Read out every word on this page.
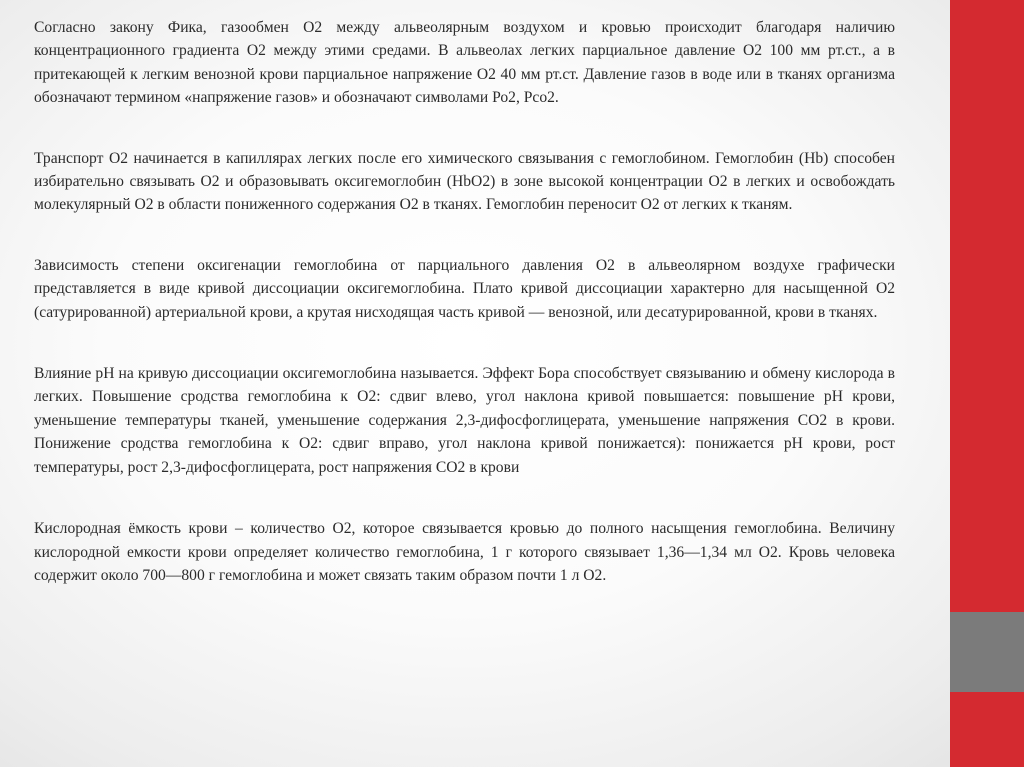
Согласно закону Фика, газообмен О2 между альвеолярным воздухом и кровью происходит благодаря наличию концентрационного градиента О2 между этими средами. В альвеолах легких парциальное давление О2 100 мм рт.ст., а в притекающей к легким венозной крови парциальное напряжение О2 40 мм рт.ст. Давление газов в воде или в тканях организма обозначают термином «напряжение газов» и обозначают символами Ро2, Рсо2.

Транспорт О2 начинается в капиллярах легких после его химического связывания с гемоглобином. Гемоглобин (Hb) способен избирательно связывать О2 и образовывать оксигемоглобин (НbО2) в зоне высокой концентрации О2 в легких и освобождать молекулярный О2 в области пониженного содержания О2 в тканях. Гемоглобин переносит О2 от легких к тканям.

Зависимость степени оксигенации гемоглобина от парциального давления О2 в альвеолярном воздухе графически представляется в виде кривой диссоциации оксигемоглобина. Плато кривой диссоциации характерно для насыщенной О2 (сатурированной) артериальной крови, а крутая нисходящая часть кривой — венозной, или десатурированной, крови в тканях.

Влияние рН на кривую диссоциации оксигемоглобина называется. Эффект Бора способствует связыванию и обмену кислорода в легких. Повышение сродства гемоглобина к О2: сдвиг влево, угол наклона кривой повышается: повышение рН крови, уменьшение температуры тканей, уменьшение содержания 2,3-дифосфоглицерата, уменьшение напряжения СО2 в крови. Понижение сродства гемоглобина к О2: сдвиг вправо, угол наклона кривой понижается): понижается рН крови, рост температуры, рост 2,3-дифосфоглицерата, рост напряжения СО2 в крови

Кислородная ёмкость крови – количество О2, которое связывается кровью до полного насыщения гемоглобина. Величину кислородной емкости крови определяет количество гемоглобина, 1 г которого связывает 1,36—1,34 мл О2. Кровь человека содержит около 700—800 г гемоглобина и может связать таким образом почти 1 л О2.
